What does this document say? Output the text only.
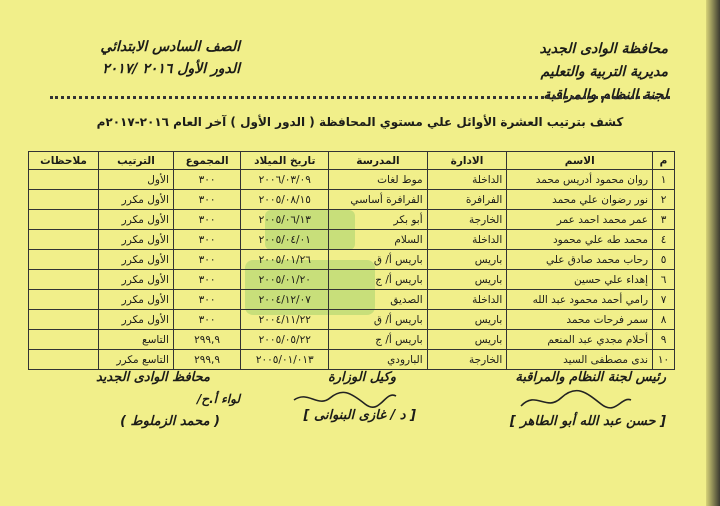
محافظة الوادى الجديد
مديرية التربية والتعليم
لجنة النظام والمراقبة
الصف السادس الابتدائي
الدور الأول ٢٠١٦ /٢٠١٧
كشف بترتيب العشرة الأوائل علي مستوي المحافظة ( الدور الأول ) آخر العام ٢٠١٦-٢٠١٧م
م	الاسم	الادارة	المدرسة	تاريخ الميلاد	المجموع	الترتيب	ملاحظات
١	روان محمود أدريس محمد	الداخلة	موط لغات	٢٠٠٦/٠٣/٠٩	٣٠٠	الأول	
٢	نور رضوان علي محمد	الفرافرة	الفرافرة أساسي	٢٠٠٥/٠٨/١٥	٣٠٠	الأول مكرر	
٣	عمر محمد احمد عمر	الخارجة	أبو بكر	٢٠٠٥/٠٦/١٣	٣٠٠	الأول مكرر	
٤	محمد طه علي محمود	الداخلة	السلام	٢٠٠٥/٠٤/٠١	٣٠٠	الأول مكرر	
٥	رحاب محمد صادق علي	باريس	باريس أ/ ق	٢٠٠٥/٠١/٢٦	٣٠٠	الأول مكرر	
٦	إهداء علي حسين	باريس	باريس أ/ ج	٢٠٠٥/٠١/٢٠	٣٠٠	الأول مكرر	
٧	رامي أحمد محمود عبد الله	الداخلة	الصديق	٢٠٠٤/١٢/٠٧	٣٠٠	الأول مكرر	
٨	سمر فرحات محمد	باريس	باريس أ/ ق	٢٠٠٤/١١/٢٢	٣٠٠	الأول مكرر	
٩	أحلام مجدي عبد المنعم	باريس	باريس أ/ ج	٢٠٠٥/٠٥/٢٢	٢٩٩,٩	التاسع	
١٠	ندى مصطفى السيد	الخارجة	البارودي	٢٠٠٥/٠١/٠١٣	٢٩٩,٩	التاسع مكرر	
رئيس لجنة النظام والمراقبة
[ حسن عبد الله أبو الطاهر ]
وكيل الوزارة
[ د / غازى البنوانى ]
محافظ الوادى الجديد
لواء أ.ح/
( محمد الزملوط )
